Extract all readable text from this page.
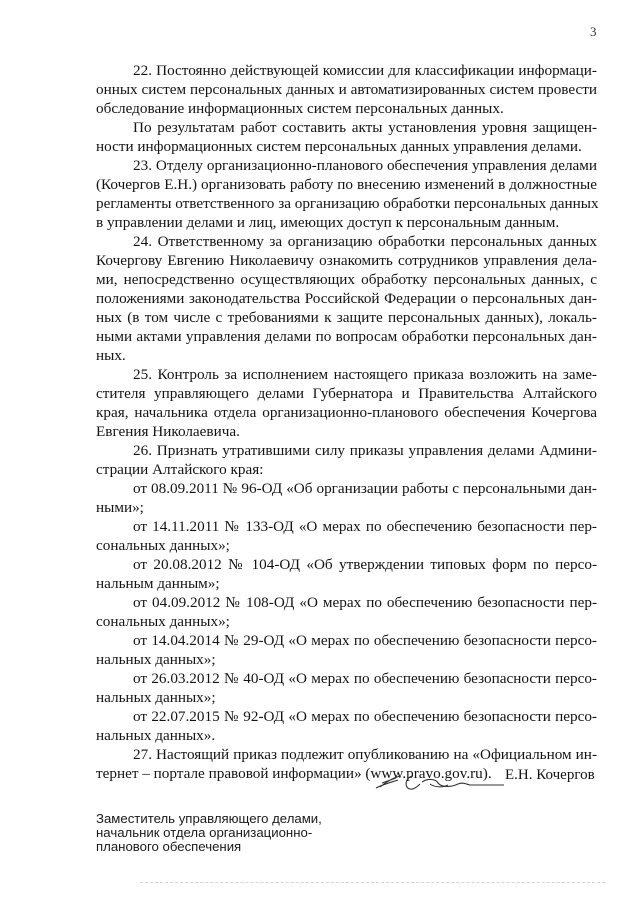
3
22. Постоянно действующей комиссии для классификации информаци-
онных систем персональных данных и автоматизированных систем провести
обследование информационных систем персональных данных.
По результатам работ составить акты установления уровня защищен-
ности информационных систем персональных данных управления делами.
23. Отделу организационно-планового обеспечения управления делами
(Кочергов Е.Н.) организовать работу по внесению изменений в должностные
регламенты ответственного за организацию обработки персональных данных
в управлении делами и лиц, имеющих доступ к персональным данным.
24. Ответственному за организацию обработки персональных данных
Кочергову Евгению Николаевичу ознакомить сотрудников управления дела-
ми, непосредственно осуществляющих обработку персональных данных, с
положениями законодательства Российской Федерации о персональных дан-
ных (в том числе с требованиями к защите персональных данных), локаль-
ными актами управления делами по вопросам обработки персональных дан-
ных.
25. Контроль за исполнением настоящего приказа возложить на заме-
стителя управляющего делами Губернатора и Правительства Алтайского
края, начальника отдела организационно-планового обеспечения Кочергова
Евгения Николаевича.
26. Признать утратившими силу приказы управления делами Админи-
страции Алтайского края:
от 08.09.2011 № 96-ОД «Об организации работы с персональными дан-
ными»;
от 14.11.2011 № 133-ОД «О мерах по обеспечению безопасности пер-
сональных данных»;
от 20.08.2012 № 104-ОД «Об утверждении типовых форм по персо-
нальным данным»;
от 04.09.2012 № 108-ОД «О мерах по обеспечению безопасности пер-
сональных данных»;
от 14.04.2014 № 29-ОД «О мерах по обеспечению безопасности персо-
нальных данных»;
от 26.03.2012 № 40-ОД «О мерах по обеспечению безопасности персо-
нальных данных»;
от 22.07.2015 № 92-ОД «О мерах по обеспечению безопасности персо-
нальных данных».
27. Настоящий приказ подлежит опубликованию на «Официальном ин-
тернет – портале правовой информации» (www.pravo.gov.ru).
Заместитель управляющего делами,
начальник отдела организационно-
планового обеспечения
Е.Н. Кочергов
